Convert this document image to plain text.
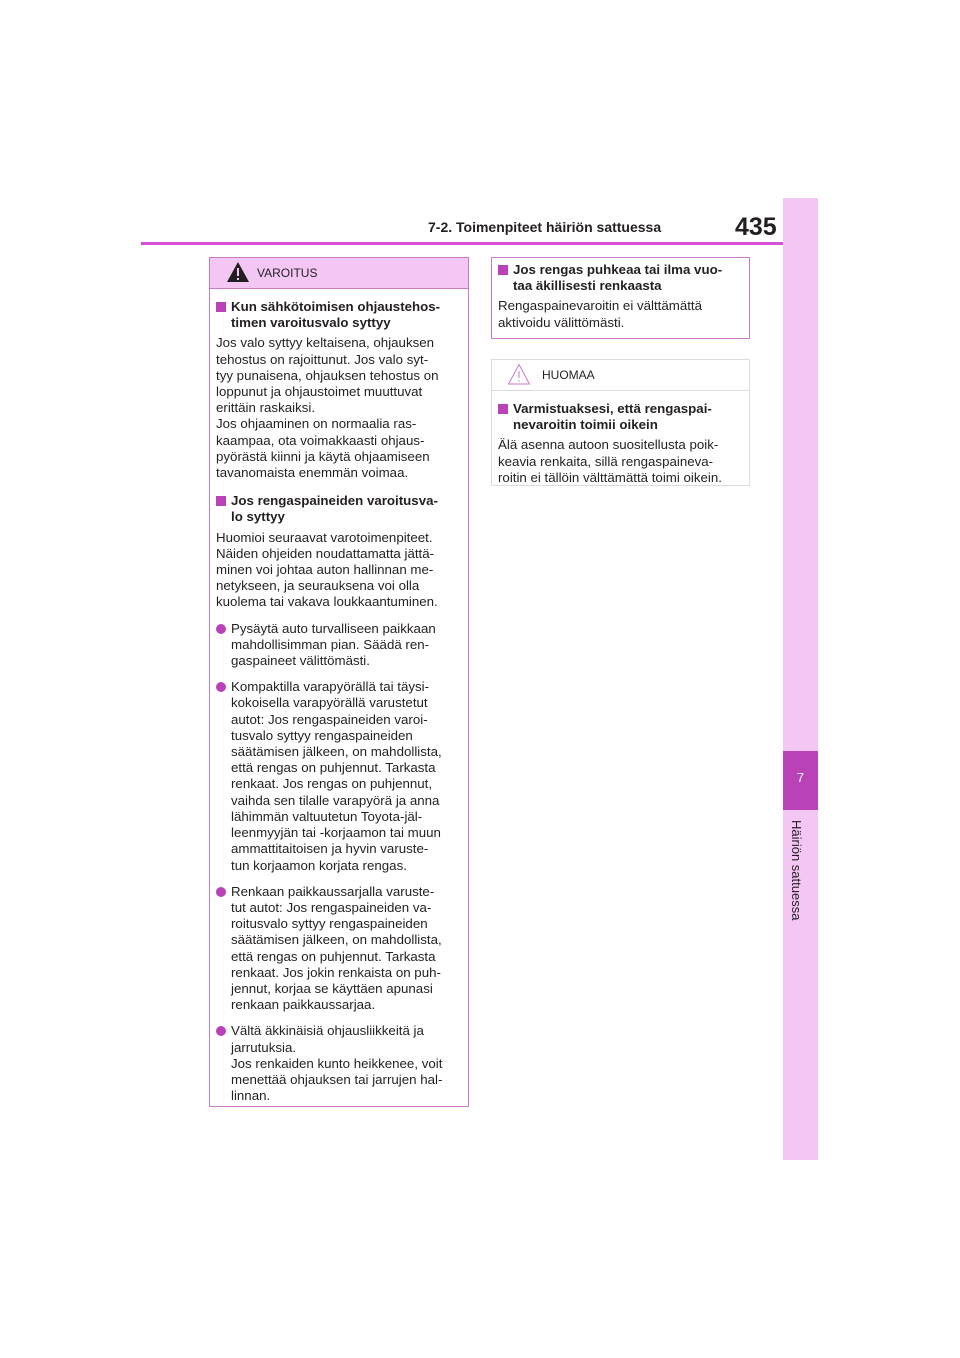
7-2. Toimenpiteet häiriön sattuessa	435
7
Häiriön sattuessa
VAROITUS
Kun sähkötoimisen ohjaustehos-
timen varoitusvalo syttyy
Jos valo syttyy keltaisena, ohjauksen
tehostus on rajoittunut. Jos valo syt-
tyy punaisena, ohjauksen tehostus on
loppunut ja ohjaustoimet muuttuvat
erittäin raskaiksi.
Jos ohjaaminen on normaalia ras-
kaampaa, ota voimakkaasti ohjaus-
pyörästä kiinni ja käytä ohjaamiseen
tavanomaista enemmän voimaa.
Jos rengaspaineiden varoitusva-
lo syttyy
Huomioi seuraavat varotoimenpiteet.
Näiden ohjeiden noudattamatta jättä-
minen voi johtaa auton hallinnan me-
netykseen, ja seurauksena voi olla
kuolema tai vakava loukkaantuminen.
Pysäytä auto turvalliseen paikkaan
mahdollisimman pian. Säädä ren-
gaspaineet välittömästi.
Kompaktilla varapyörällä tai täysi-
kokoisella varapyörällä varustetut
autot: Jos rengaspaineiden varoi-
tusvalo syttyy rengaspaineiden
säätämisen jälkeen, on mahdollista,
että rengas on puhjennut. Tarkasta
renkaat. Jos rengas on puhjennut,
vaihda sen tilalle varapyörä ja anna
lähimmän valtuutetun Toyota-jäl-
leenmyyjän tai -korjaamon tai muun
ammattitaitoisen ja hyvin varuste-
tun korjaamon korjata rengas.
Renkaan paikkaussarjalla varuste-
tut autot: Jos rengaspaineiden va-
roitusvalo syttyy rengaspaineiden
säätämisen jälkeen, on mahdollista,
että rengas on puhjennut. Tarkasta
renkaat. Jos jokin renkaista on puh-
jennut, korjaa se käyttäen apunasi
renkaan paikkaussarjaa.
Vältä äkkinäisiä ohjausliikkeitä ja
jarrutuksia.
Jos renkaiden kunto heikkenee, voit
menettää ohjauksen tai jarrujen hal-
linnan.
Jos rengas puhkeaa tai ilma vuo-
taa äkillisesti renkaasta
Rengaspainevaroitin ei välttämättä
aktivoidu välittömästi.
HUOMAA
Varmistuaksesi, että rengaspai-
nevaroitin toimii oikein
Älä asenna autoon suositellusta poik-
keavia renkaita, sillä rengaspaineva-
roitin ei tällöin välttämättä toimi oikein.
